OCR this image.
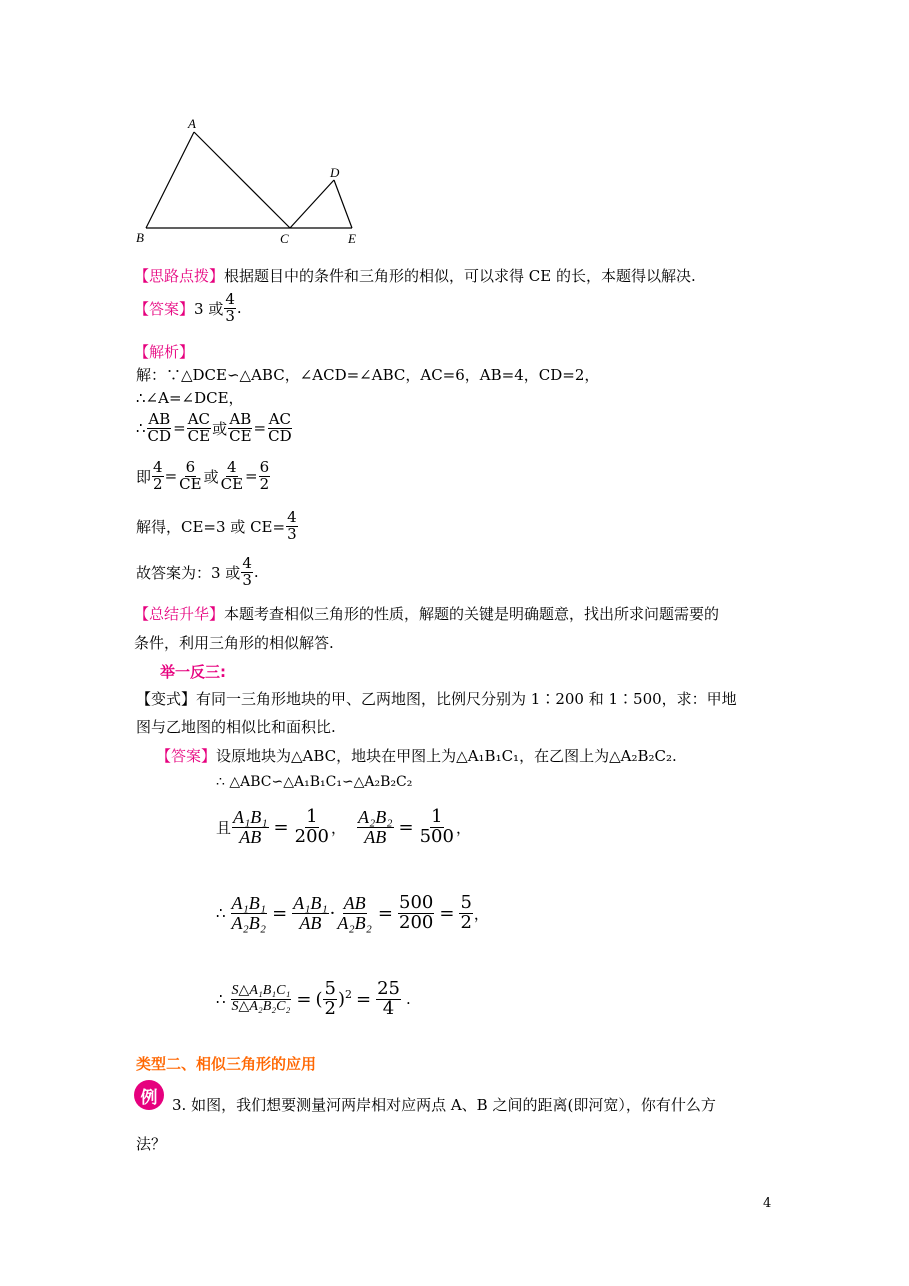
A
B	C
D
E
【思路点拨】根据题目中的条件和三角形的相似，可以求得 CE 的长，本题得以解决.
【答案】 3 或 $\frac{4}{3}$ .
【解析】
解：∵△DCE∽△ABC，∠ACD=∠ABC，AC=6，AB=4，CD=2，
∴∠A=∠DCE，
∴ $\frac{AB}{CD} = \frac{AC}{CE}$ 或 $\frac{AB}{CE} = \frac{AC}{CD}$
即 $\frac{4}{2} = \frac{6}{CE}$ 或 $\frac{4}{CE} = \frac{6}{2}$
解得，CE=3 或 $CE= \frac{4}{3}$
故答案为：3 或 $\frac{4}{3}$ .
【总结升华】本题考查相似三角形的性质，解题的关键是明确题意，找出所求问题需要的
条件，利用三角形的相似解答.
举一反三:
【变式】有同一三角形地块的甲、乙两地图，比例尺分别为 1∶200 和 1∶500，求：甲地
图与乙地图的相似比和面积比.
【答案】设原地块为△ABC，地块在甲图上为△A₁B₁C₁，在乙图上为△A₂B₂C₂.
∴ △ABC∽△A₁B₁C₁∽△A₂B₂C₂
且 $\frac{\text{A₁B₁}}{AB} = \frac{1}{200}$ ， $\frac{\text{A₂B₂}}{AB} = \frac{1}{500}$ ，
∴ $\frac{\text{A₁B₁}}{\text{A₂B₂}} = \frac{\text{A₁B₁}}{AB} \cdot \frac{AB}{\text{A₂B₂}} = \frac{500}{200} = \frac{5}{2}$ ，
∴ $\frac{\text{S△A₁B₁C₁}}{\text{S△A₂B₂C₂}}$ = ( $\frac{5}{2} )^2 = \frac{25}{4}$ .
类型二、相似三角形的应用
例 3. 如图，我们想要测量河两岸相对应两点 A、B 之间的距离(即河宽），你有什么方
法？
4
